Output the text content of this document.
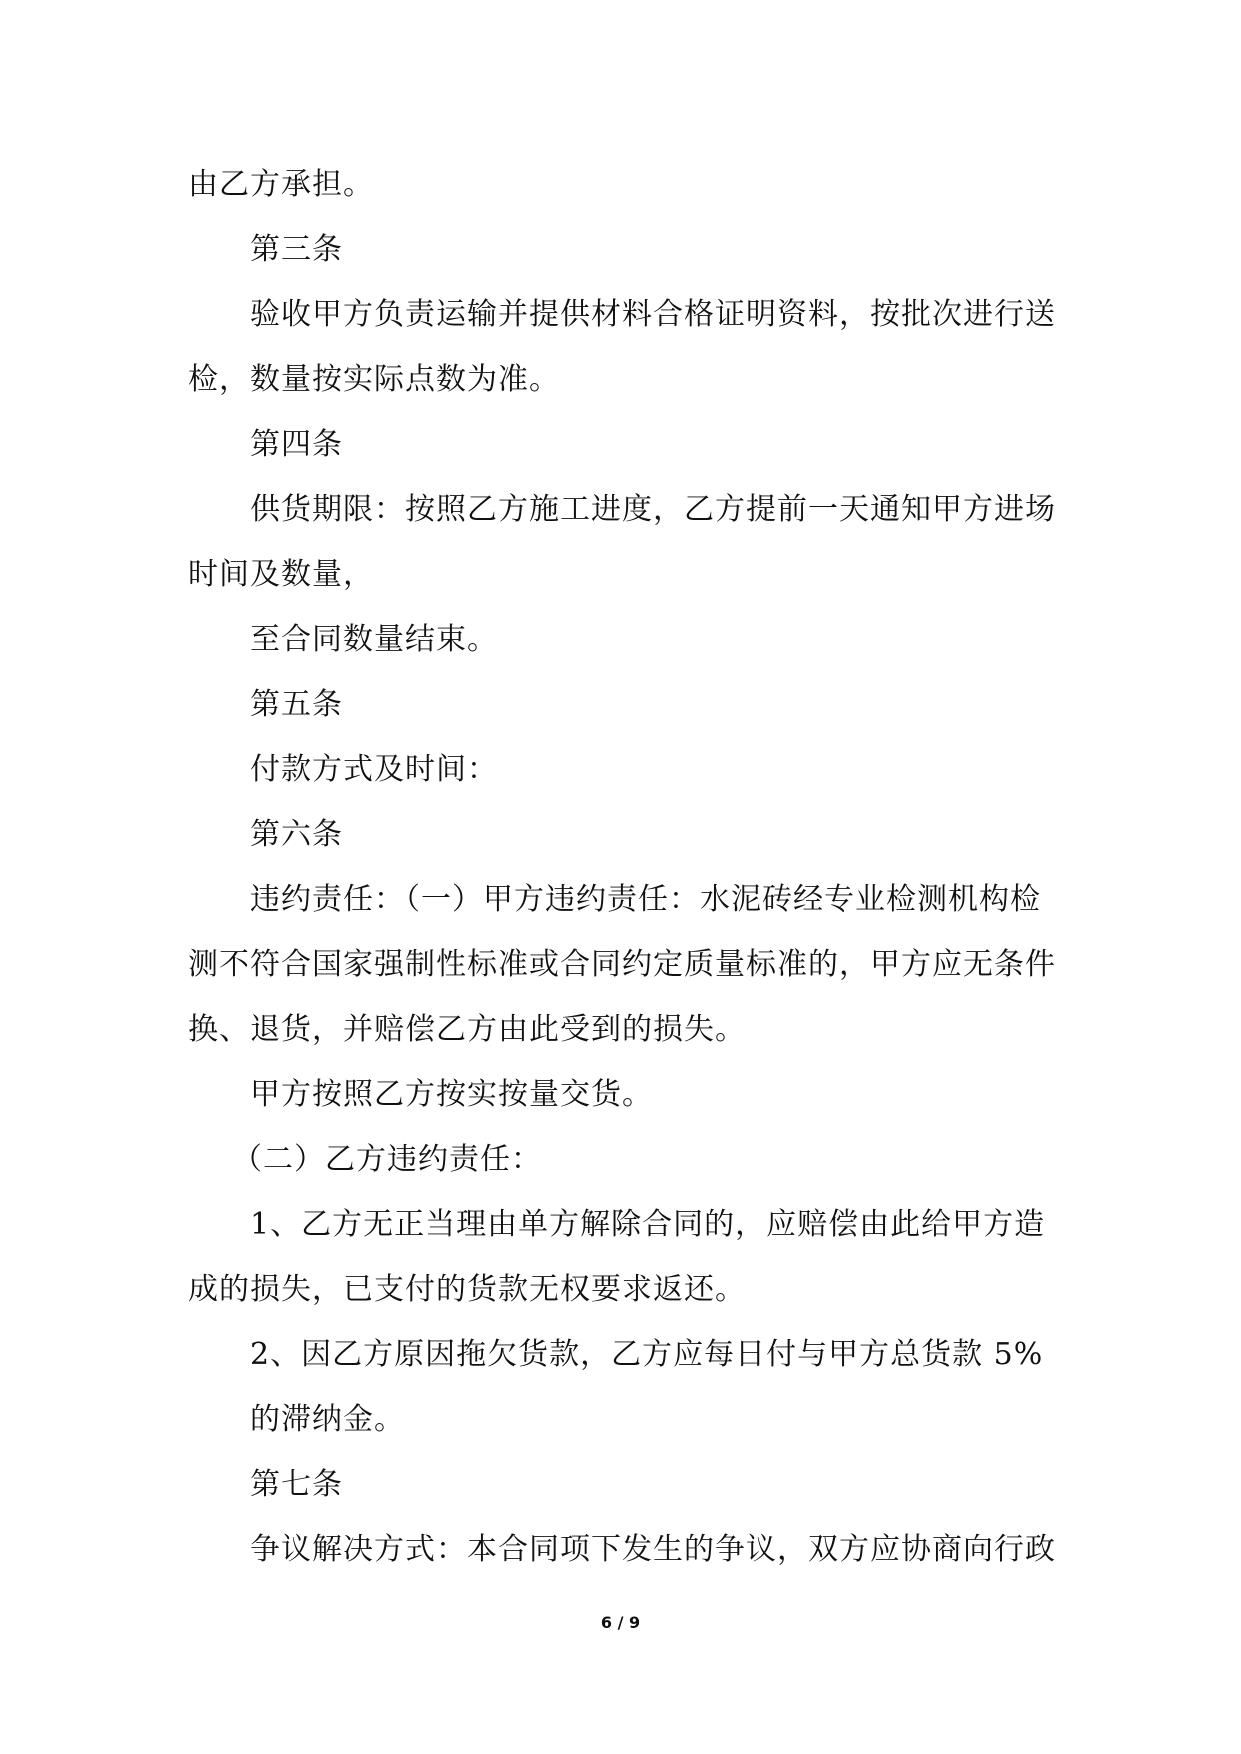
由乙方承担。

第三条

验收甲方负责运输并提供材料合格证明资料，按批次进行送检，数量按实际点数为准。

第四条

供货期限：按照乙方施工进度，乙方提前一天通知甲方进场时间及数量，

至合同数量结束。

第五条

付款方式及时间：

第六条

违约责任：（一）甲方违约责任：水泥砖经专业检测机构检测不符合国家强制性标准或合同约定质量标准的，甲方应无条件换、退货，并赔偿乙方由此受到的损失。

甲方按照乙方按实按量交货。

（二）乙方违约责任：

1、乙方无正当理由单方解除合同的，应赔偿由此给甲方造成的损失，已支付的货款无权要求返还。

2、因乙方原因拖欠货款，乙方应每日付与甲方总货款 5%

的滞纳金。

第七条

争议解决方式：本合同项下发生的争议，双方应协商向行政

6 / 9
